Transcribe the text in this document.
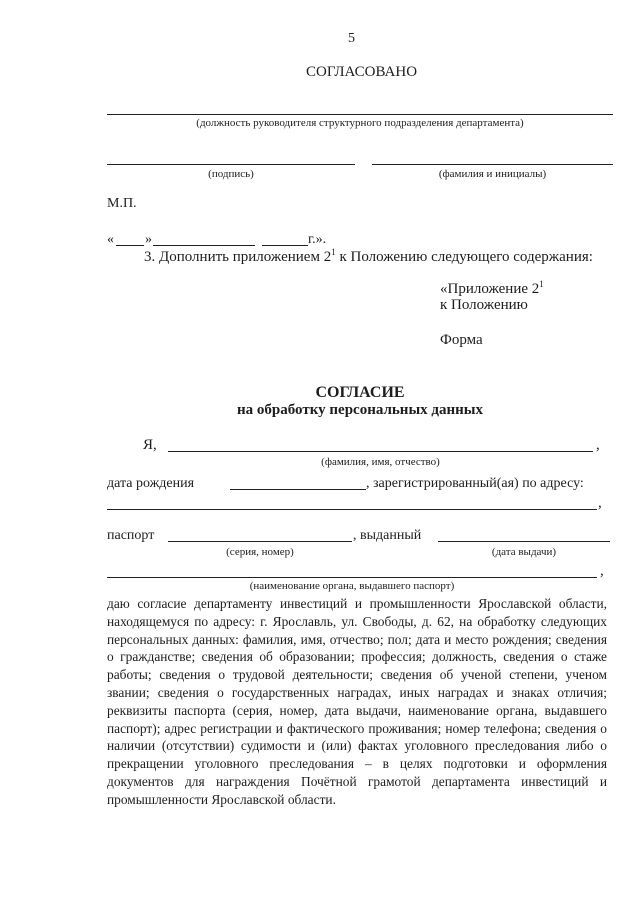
5
СОГЛАСОВАНО
(должность руководителя структурного подразделения департамента)
(подпись)	(фамилия и инициалы)
М.П.
« »	г.».
3. Дополнить приложением $2^1$ к Положению следующего содержания:
«Приложение $2^1$
к Положению
Форма
СОГЛАСИЕ
на обработку персональных данных
Я,	,
(фамилия, имя, отчество)
дата рождения	, зарегистрированный(ая) по адресу:
,
паспорт	, выданный
(серия, номер)	(дата выдачи)
,
(наименование органа, выдавшего паспорт)
даю согласие департаменту инвестиций и промышленности Ярославской области, находящемуся по адресу: г. Ярославль, ул. Свободы, д. 62, на обработку следующих персональных данных: фамилия, имя, отчество; пол; дата и место рождения; сведения о гражданстве; сведения об образовании; профессия; должность, сведения о стаже работы; сведения о трудовой деятельности; сведения об ученой степени, ученом звании; сведения о государственных наградах, иных наградах и знаках отличия; реквизиты паспорта (серия, номер, дата выдачи, наименование органа, выдавшего паспорт); адрес регистрации и фактического проживания; номер телефона; сведения о наличии (отсутствии) судимости и (или) фактах уголовного преследования либо о прекращении уголовного преследования – в целях подготовки и оформления документов для награждения Почётной грамотой департамента инвестиций и промышленности Ярославской области.
